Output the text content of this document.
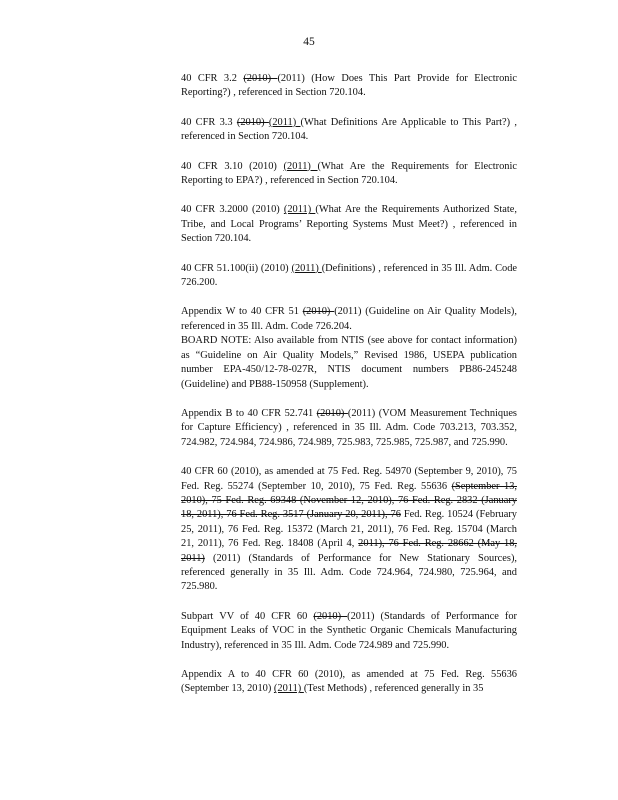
45

40 CFR 3.2 (2010) (2011) (How Does This Part Provide for Electronic Reporting?) , referenced in Section 720.104.

40 CFR 3.3 (2010) (2011) (What Definitions Are Applicable to This Part?) , referenced in Section 720.104.

40 CFR 3.10 (2010) (2011) (What Are the Requirements for Electronic Reporting to EPA?) , referenced in Section 720.104.

40 CFR 3.2000 (2010) (2011) (What Are the Requirements Authorized State, Tribe, and Local Programs’ Reporting Systems Must Meet?) , referenced in Section 720.104.

40 CFR 51.100(ii) (2010) (2011) (Definitions) , referenced in 35 Ill. Adm. Code 726.200.

Appendix W to 40 CFR 51 (2010) (2011) (Guideline on Air Quality Models), referenced in 35 Ill. Adm. Code 726.204.
BOARD NOTE: Also available from NTIS (see above for contact information) as “Guideline on Air Quality Models,” Revised 1986, USEPA publication number EPA-450/12-78-027R, NTIS document numbers PB86-245248 (Guideline) and PB88-150958 (Supplement).

Appendix B to 40 CFR 52.741 (2010) (2011) (VOM Measurement Techniques for Capture Efficiency) , referenced in 35 Ill. Adm. Code 703.213, 703.352, 724.982, 724.984, 724.986, 724.989, 725.983, 725.985, 725.987, and 725.990.

40 CFR 60 (2010), as amended at 75 Fed. Reg. 54970 (September 9, 2010), 75 Fed. Reg. 55274 (September 10, 2010), 75 Fed. Reg. 55636 (September 13, 2010), 75 Fed. Reg. 69348 (November 12, 2010), 76 Fed. Reg. 2832 (January 18, 2011), 76 Fed. Reg. 3517 (January 20, 2011), 76 Fed. Reg. 10524 (February 25, 2011), 76 Fed. Reg. 15372 (March 21, 2011), 76 Fed. Reg. 15704 (March 21, 2011), 76 Fed. Reg. 18408 (April 4, 2011), 76 Fed. Reg. 28662 (May 18, 2011) (2011) (Standards of Performance for New Stationary Sources), referenced generally in 35 Ill. Adm. Code 724.964, 724.980, 725.964, and 725.980.

Subpart VV of 40 CFR 60 (2010) (2011) (Standards of Performance for Equipment Leaks of VOC in the Synthetic Organic Chemicals Manufacturing Industry), referenced in 35 Ill. Adm. Code 724.989 and 725.990.

Appendix A to 40 CFR 60 (2010), as amended at 75 Fed. Reg. 55636 (September 13, 2010) (2011) (Test Methods) , referenced generally in 35
